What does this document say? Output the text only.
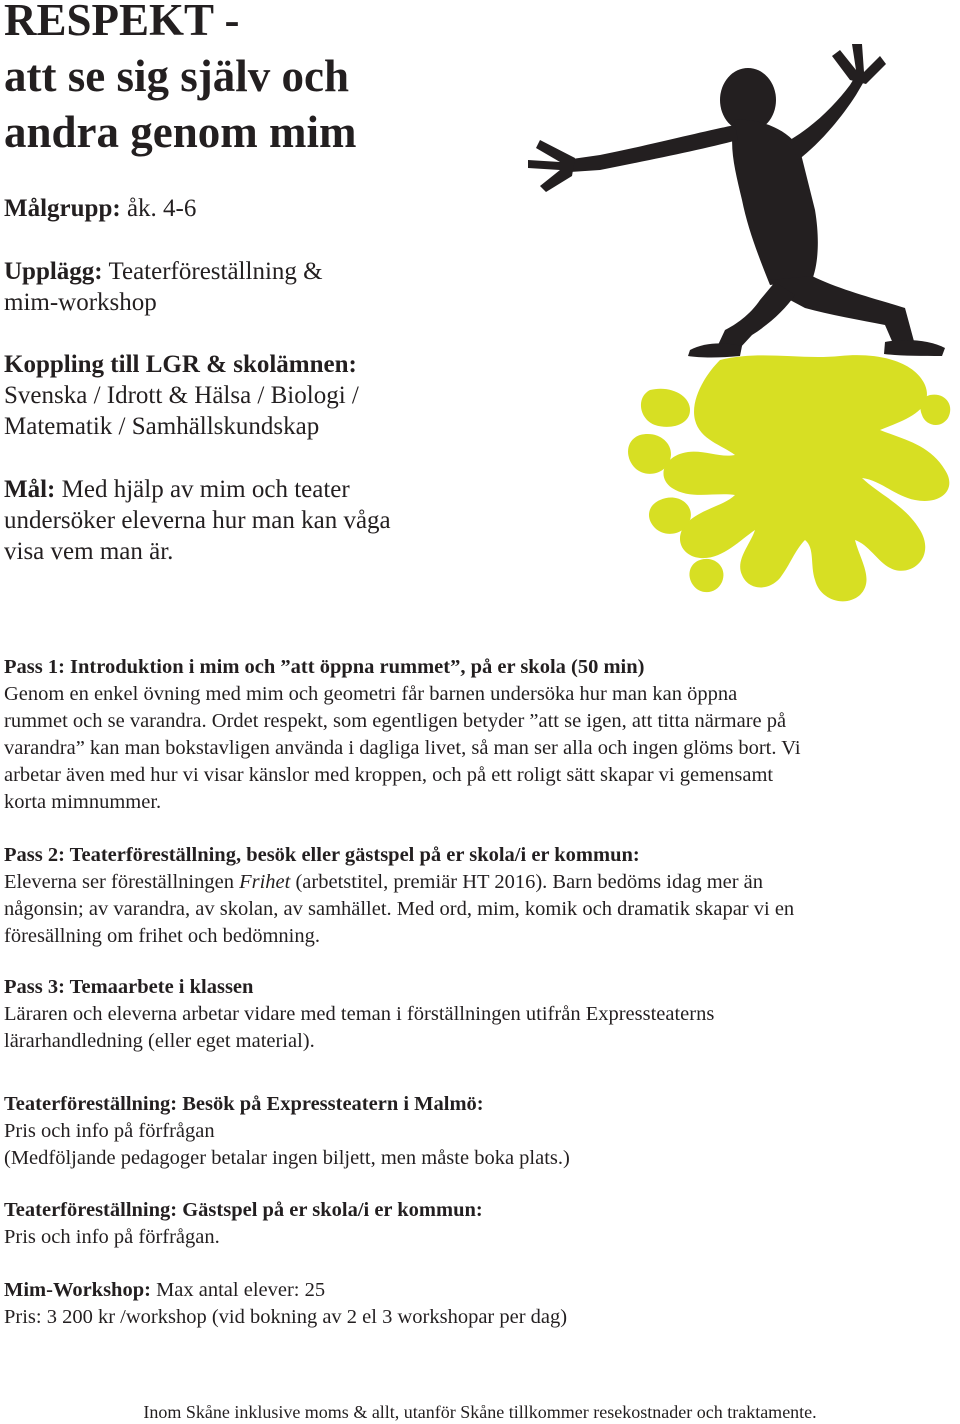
RESPEKT -
att se sig själv och
andra genom mim
Målgrupp: åk. 4-6
Upplägg: Teaterföreställning &
mim-workshop
Koppling till LGR & skolämnen:
Svenska / Idrott & Hälsa / Biologi /
Matematik / Samhällskundskap
Mål: Med hjälp av mim och teater
undersöker eleverna hur man kan våga
visa vem man är.
Pass 1: Introduktion i mim och ”att öppna rummet”, på er skola (50 min)
Genom en enkel övning med mim och geometri får barnen undersöka hur man kan öppna
rummet och se varandra. Ordet respekt, som egentligen betyder ”att se igen, att titta närmare på
varandra” kan man bokstavligen använda i dagliga livet, så man ser alla och ingen glöms bort. Vi
arbetar även med hur vi visar känslor med kroppen, och på ett roligt sätt skapar vi gemensamt
korta mimnummer.
Pass 2: Teaterföreställning, besök eller gästspel på er skola/i er kommun:
Eleverna ser föreställningen Frihet (arbetstitel, premiär HT 2016). Barn bedöms idag mer än
någonsin; av varandra, av skolan, av samhället. Med ord, mim, komik och dramatik skapar vi en
föresällning om frihet och bedömning.
Pass 3: Temaarbete i klassen
Läraren och eleverna arbetar vidare med teman i förställningen utifrån Expressteaterns
lärarhandledning (eller eget material).
Teaterföreställning: Besök på Expressteatern i Malmö:
Pris och info på förfrågan
(Medföljande pedagoger betalar ingen biljett, men måste boka plats.)
Teaterföreställning: Gästspel på er skola/i er kommun:
Pris och info på förfrågan.
Mim-Workshop: Max antal elever: 25
Pris: 3 200 kr /workshop (vid bokning av 2 el 3 workshopar per dag)
Inom Skåne inklusive moms & allt, utanför Skåne tillkommer resekostnader och traktamente.
